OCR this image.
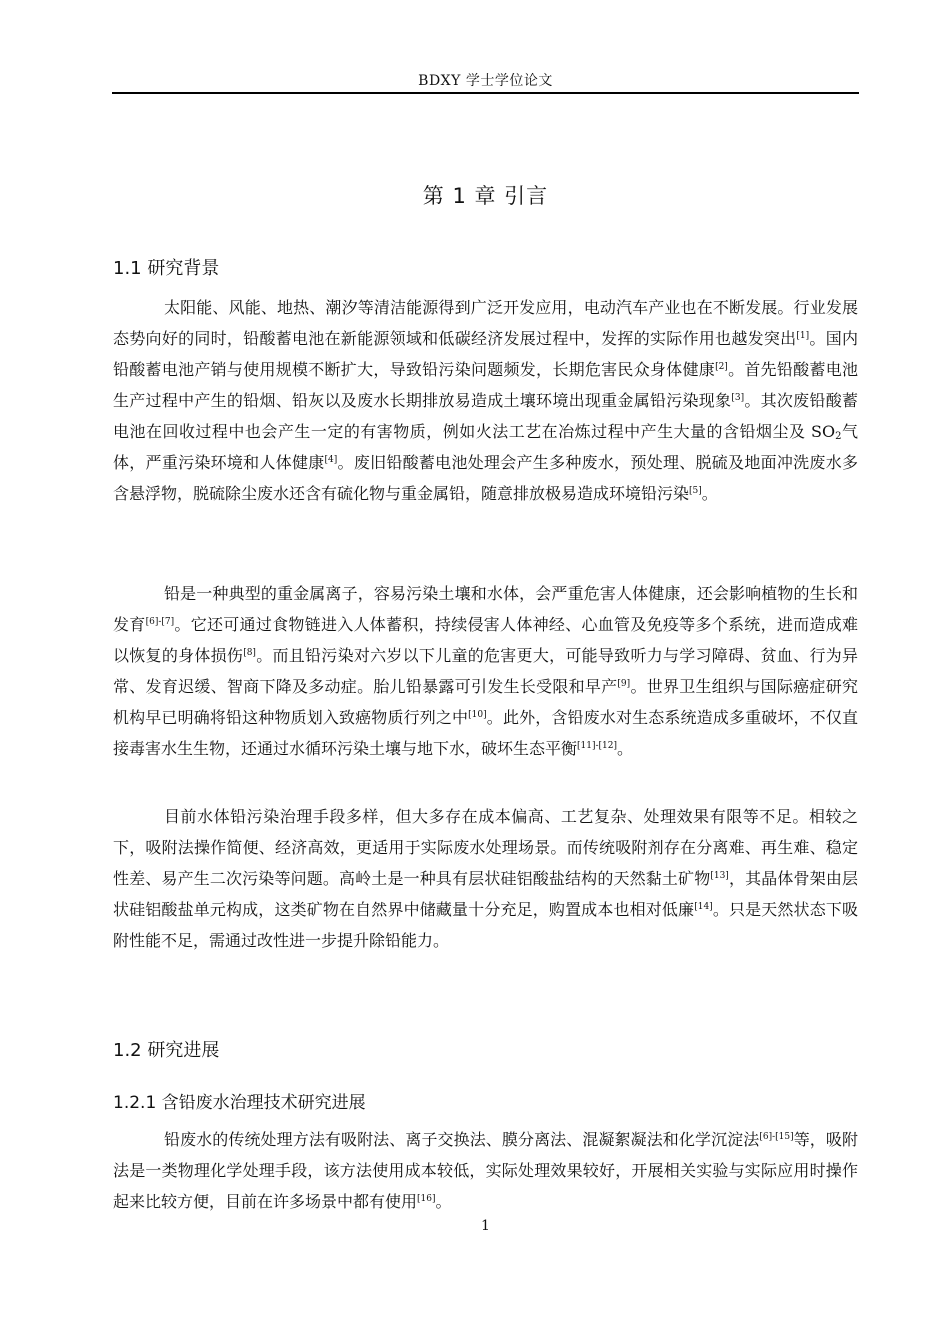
BDXY 学士学位论文
第 1 章 引言
1.1 研究背景

太阳能、风能、地热、潮汐等清洁能源得到广泛开发应用，电动汽车产业也在不断发展。行业发展态势向好的同时，铅酸蓄电池在新能源领域和低碳经济发展过程中，发挥的实际作用也越发突出[1]。国内铅酸蓄电池产销与使用规模不断扩大，导致铅污染问题频发，长期危害民众身体健康[2]。首先铅酸蓄电池生产过程中产生的铅烟、铅灰以及废水长期排放易造成土壤环境出现重金属铅污染现象[3]。其次废铅酸蓄电池在回收过程中也会产生一定的有害物质，例如火法工艺在冶炼过程中产生大量的含铅烟尘及 $SO_2$气体，严重污染环境和人体健康[4]。废旧铅酸蓄电池处理会产生多种废水，预处理、脱硫及地面冲洗废水多含悬浮物，脱硫除尘废水还含有硫化物与重金属铅，随意排放极易造成环境铅污染[5]。

铅是一种典型的重金属离子，容易污染土壤和水体，会严重危害人体健康，还会影响植物的生长和发育[6]-[7]。它还可通过食物链进入人体蓄积，持续侵害人体神经、心血管及免疫等多个系统，进而造成难以恢复的身体损伤[8]。而且铅污染对六岁以下儿童的危害更大，可能导致听力与学习障碍、贫血、行为异常、发育迟缓、智商下降及多动症。胎儿铅暴露可引发生长受限和早产[9]。世界卫生组织与国际癌症研究机构早已明确将铅这种物质划入致癌物质行列之中[10]。此外，含铅废水对生态系统造成多重破坏，不仅直接毒害水生生物，还通过水循环污染土壤与地下水，破坏生态平衡[11]-[12]。

目前水体铅污染治理手段多样，但大多存在成本偏高、工艺复杂、处理效果有限等不足。相较之下，吸附法操作简便、经济高效，更适用于实际废水处理场景。而传统吸附剂存在分离难、再生难、稳定性差、易产生二次污染等问题。高岭土是一种具有层状硅铝酸盐结构的天然黏土矿物[13]，其晶体骨架由层状硅铝酸盐单元构成，这类矿物在自然界中储藏量十分充足，购置成本也相对低廉[14]。只是天然状态下吸附性能不足，需通过改性进一步提升除铅能力。

1.2 研究进展
1.2.1 含铅废水治理技术研究进展

铅废水的传统处理方法有吸附法、离子交换法、膜分离法、混凝絮凝法和化学沉淀法[6]-[15]等，吸附法是一类物理化学处理手段，该方法使用成本较低，实际处理效果较好，开展相关实验与实际应用时操作起来比较方便，目前在许多场景中都有使用[16]。

1
